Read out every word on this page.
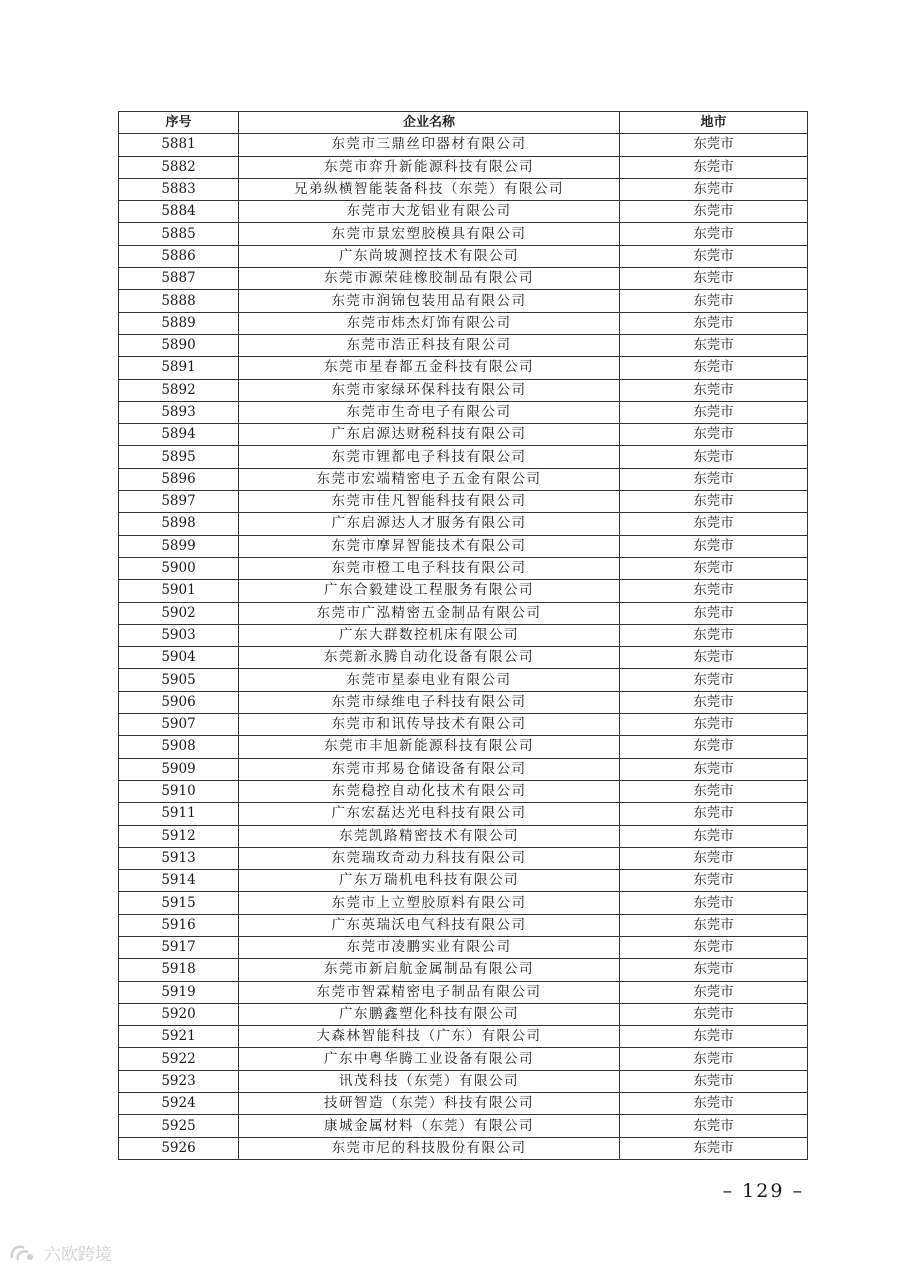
序号	企业名称	地市
5881	东莞市三鼎丝印器材有限公司	东莞市
5882	东莞市弈升新能源科技有限公司	东莞市
5883	兄弟纵横智能装备科技（东莞）有限公司	东莞市
5884	东莞市大龙铝业有限公司	东莞市
5885	东莞市景宏塑胶模具有限公司	东莞市
5886	广东尚坡测控技术有限公司	东莞市
5887	东莞市源荣硅橡胶制品有限公司	东莞市
5888	东莞市润锦包装用品有限公司	东莞市
5889	东莞市炜杰灯饰有限公司	东莞市
5890	东莞市浩正科技有限公司	东莞市
5891	东莞市星春都五金科技有限公司	东莞市
5892	东莞市家绿环保科技有限公司	东莞市
5893	东莞市生奇电子有限公司	东莞市
5894	广东启源达财税科技有限公司	东莞市
5895	东莞市锂都电子科技有限公司	东莞市
5896	东莞市宏端精密电子五金有限公司	东莞市
5897	东莞市佳凡智能科技有限公司	东莞市
5898	广东启源达人才服务有限公司	东莞市
5899	东莞市摩昇智能技术有限公司	东莞市
5900	东莞市橙工电子科技有限公司	东莞市
5901	广东合毅建设工程服务有限公司	东莞市
5902	东莞市广泓精密五金制品有限公司	东莞市
5903	广东大群数控机床有限公司	东莞市
5904	东莞新永腾自动化设备有限公司	东莞市
5905	东莞市星泰电业有限公司	东莞市
5906	东莞市绿维电子科技有限公司	东莞市
5907	东莞市和讯传导技术有限公司	东莞市
5908	东莞市丰旭新能源科技有限公司	东莞市
5909	东莞市邦易仓储设备有限公司	东莞市
5910	东莞稳控自动化技术有限公司	东莞市
5911	广东宏磊达光电科技有限公司	东莞市
5912	东莞凯路精密技术有限公司	东莞市
5913	东莞瑞玫奇动力科技有限公司	东莞市
5914	广东万瑞机电科技有限公司	东莞市
5915	东莞市上立塑胶原料有限公司	东莞市
5916	广东英瑞沃电气科技有限公司	东莞市
5917	东莞市凌鹏实业有限公司	东莞市
5918	东莞市新启航金属制品有限公司	东莞市
5919	东莞市智霖精密电子制品有限公司	东莞市
5920	广东鹏鑫塑化科技有限公司	东莞市
5921	大森林智能科技（广东）有限公司	东莞市
5922	广东中粤华腾工业设备有限公司	东莞市
5923	讯茂科技（东莞）有限公司	东莞市
5924	技研智造（东莞）科技有限公司	东莞市
5925	康城金属材料（东莞）有限公司	东莞市
5926	东莞市尼的科技股份有限公司	东莞市
– 129 –
六欧跨境
